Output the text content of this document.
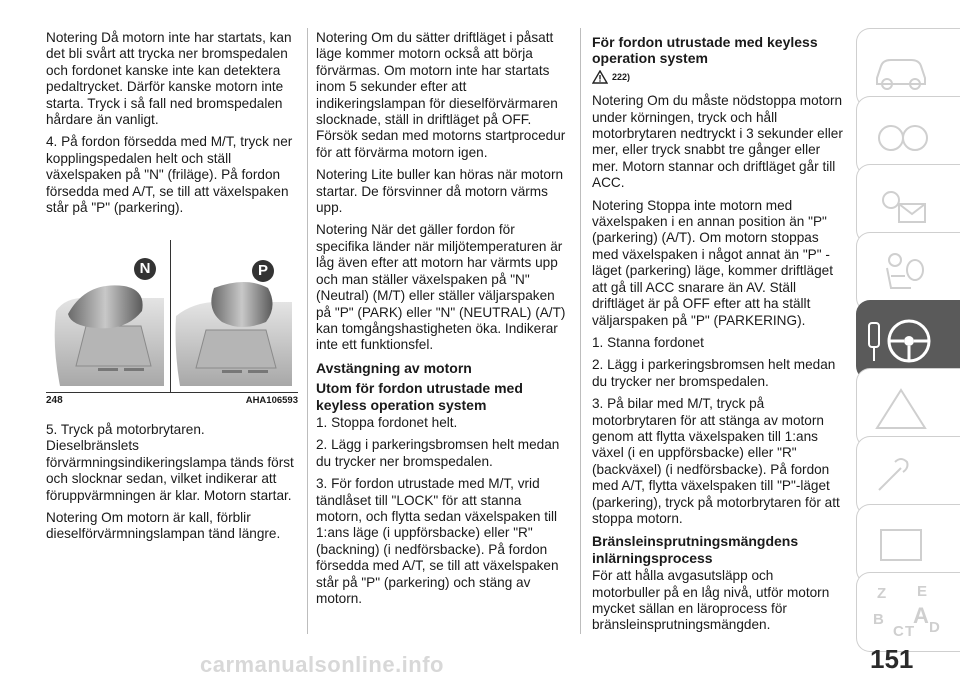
Notering Då motorn inte har startats, kan det bli svårt att trycka ner bromspedalen och fordonet kanske inte kan detektera pedaltrycket. Därför kanske motorn inte starta. Tryck i så fall ned bromspedalen hårdare än vanligt.

4. På fordon försedda med M/T, tryck ner kopplingspedalen helt och ställ växelspaken på "N" (friläge). På fordon försedda med A/T, se till att växelspaken står på "P" (parkering).

N	P
248	AHA106593

5. Tryck på motorbrytaren. Dieselbränslets förvärmningsindikeringslampa tänds först och slocknar sedan, vilket indikerar att föruppvärmningen är klar. Motorn startar.

Notering Om motorn är kall, förblir dieselförvärmningslampan tänd längre.

Notering Om du sätter driftläget i påsatt läge kommer motorn också att börja förvärmas. Om motorn inte har startats inom 5 sekunder efter att indikeringslampan för dieselförvärmaren slocknade, ställ in driftläget på OFF. Försök sedan med motorns startprocedur för att förvärma motorn igen.

Notering Lite buller kan höras när motorn startar. De försvinner då motorn värms upp.

Notering När det gäller fordon för specifika länder när miljötemperaturen är låg även efter att motorn har värmts upp och man ställer växelspaken på "N" (Neutral) (M/T) eller ställer väljarspaken på "P" (PARK) eller "N" (NEUTRAL) (A/T) kan tomgångshastigheten öka. Indikerar inte ett funktionsfel.

Avstängning av motorn
Utom för fordon utrustade med keyless operation system

1. Stoppa fordonet helt.

2. Lägg i parkeringsbromsen helt medan du trycker ner bromspedalen.

3. För fordon utrustade med M/T, vrid tändlåset till "LOCK" för att stanna motorn, och flytta sedan växelspaken till 1:ans läge (i uppförsbacke) eller "R" (backning) (i nedförsbacke). På fordon försedda med A/T, se till att växelspaken står på "P" (parkering) och stäng av motorn.

För fordon utrustade med keyless operation system
222)

Notering Om du måste nödstoppa motorn under körningen, tryck och håll motorbrytaren nedtryckt i 3 sekunder eller mer, eller tryck snabbt tre gånger eller mer. Motorn stannar och driftläget går till ACC.

Notering Stoppa inte motorn med växelspaken i en annan position än "P" (parkering) (A/T). Om motorn stoppas med växelspaken i något annat än "P" -läget (parkering) läge, kommer driftläget att gå till ACC snarare än AV. Ställ driftläget är på OFF efter att ha ställt väljarspaken på "P" (PARKERING).

1. Stanna fordonet

2. Lägg i parkeringsbromsen helt medan du trycker ner bromspedalen.

3. På bilar med M/T, tryck på motorbrytaren för att stänga av motorn genom att flytta växelspaken till 1:ans växel (i en uppförsbacke) eller "R" (backväxel) (i nedförsbacke). På fordon med A/T, flytta växelspaken till "P"-läget (parkering), tryck på motorbrytaren för att stoppa motorn.

Bränsleinsprutningsmängdens inlärningsprocess

För att hålla avgasutsläpp och motorbuller på en låg nivå, utför motorn mycket sällan en läroprocess för bränsleinsprutningsmängden.

Z E
B
C T D
A
carmanualsonline.info	151
